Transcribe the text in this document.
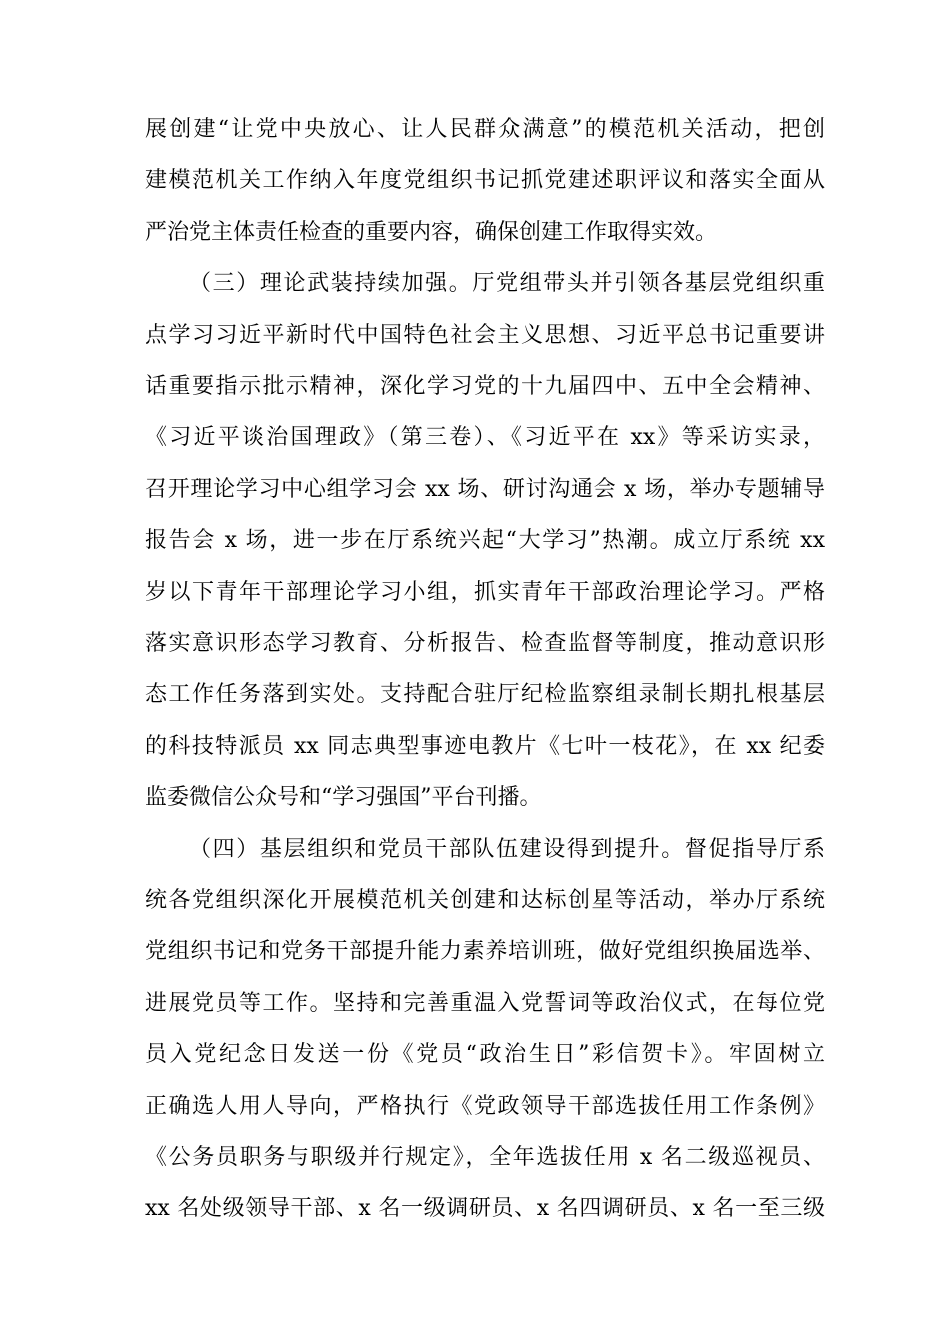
展创建“让党中央放心、让人民群众满意”的模范机关活动，把创
建模范机关工作纳入年度党组织书记抓党建述职评议和落实全面从
严治党主体责任检查的重要内容，确保创建工作取得实效。
（三）理论武装持续加强。厅党组带头并引领各基层党组织重
点学习习近平新时代中国特色社会主义思想、习近平总书记重要讲
话重要指示批示精神，深化学习党的十九届四中、五中全会精神、
《习近平谈治国理政》（第三卷）、《习近平在 xx》等采访实录，
召开理论学习中心组学习会 xx 场、研讨沟通会 x 场，举办专题辅导
报告会 x 场，进一步在厅系统兴起“大学习”热潮。成立厅系统 xx
岁以下青年干部理论学习小组，抓实青年干部政治理论学习。严格
落实意识形态学习教育、分析报告、检查监督等制度，推动意识形
态工作任务落到实处。支持配合驻厅纪检监察组录制长期扎根基层
的科技特派员 xx 同志典型事迹电教片《七叶一枝花》，在 xx 纪委
监委微信公众号和“学习强国”平台刊播。
（四）基层组织和党员干部队伍建设得到提升。督促指导厅系
统各党组织深化开展模范机关创建和达标创星等活动，举办厅系统
党组织书记和党务干部提升能力素养培训班，做好党组织换届选举、
进展党员等工作。坚持和完善重温入党誓词等政治仪式，在每位党
员入党纪念日发送一份《党员“政治生日”彩信贺卡》。牢固树立
正确选人用人导向，严格执行《党政领导干部选拔任用工作条例》
《公务员职务与职级并行规定》，全年选拔任用 x 名二级巡视员、
xx 名处级领导干部、x 名一级调研员、x 名四调研员、x 名一至三级
